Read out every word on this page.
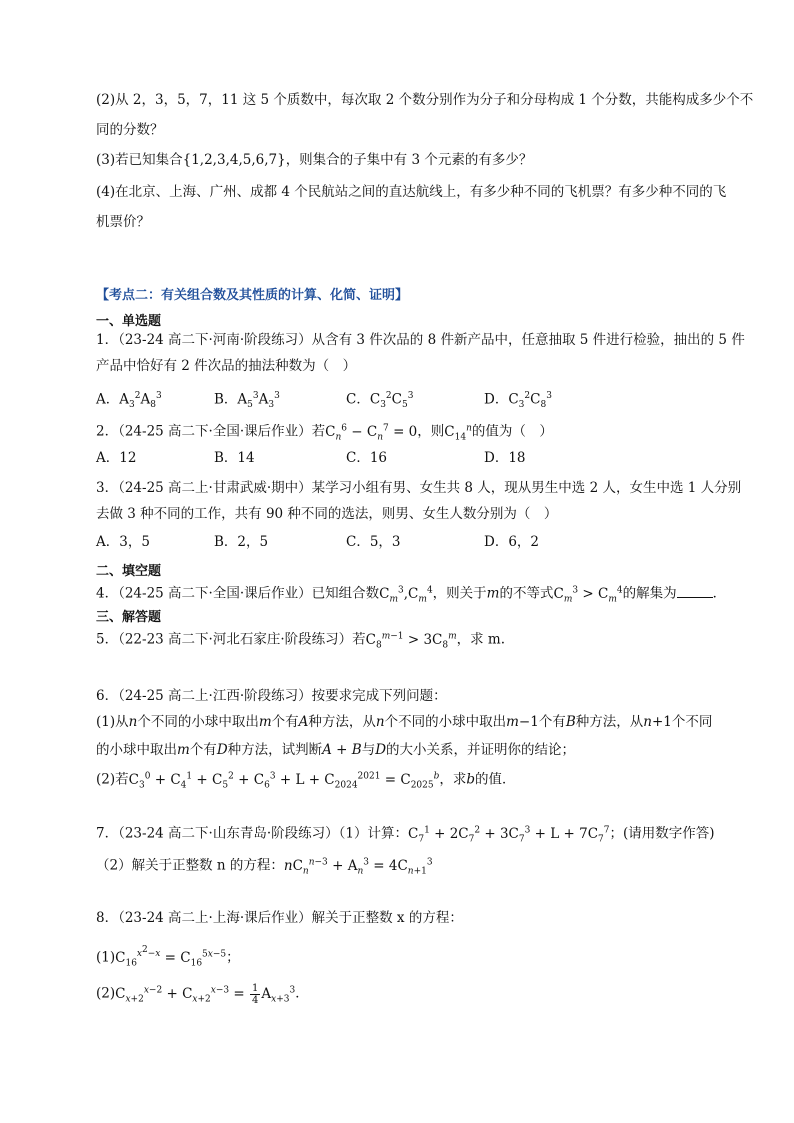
(2)从 2，3，5，7，11 这 5 个质数中，每次取 2 个数分别作为分子和分母构成 1 个分数，共能构成多少个不
同的分数？
(3)若已知集合{1,2,3,4,5,6,7}，则集合的子集中有 3 个元素的有多少？
(4)在北京、上海、广州、成都 4 个民航站之间的直达航线上，有多少种不同的飞机票？有多少种不同的飞
机票价？
【考点二：有关组合数及其性质的计算、化简、证明】
一、单选题
1．（23-24 高二下·河南·阶段练习）从含有 3 件次品的 8 件新产品中，任意抽取 5 件进行检验，抽出的 5 件
产品中恰好有 2 件次品的抽法种数为（　）
A．$A_3^2A_8^3$	B．$A_5^3A_3^3$	C．$C_3^2C_5^3$	D．$C_3^2C_8^3$
2．（24-25 高二下·全国·课后作业）若$C_n^6 - C_n^7 = 0$，则$C_{14}^n$的值为（　）
A．12	B．14	C．16	D．18
3．（24-25 高二上·甘肃武威·期中）某学习小组有男、女生共 8 人，现从男生中选 2 人，女生中选 1 人分别
去做 3 种不同的工作，共有 90 种不同的选法，则男、女生人数分别为（　）
A．3，5	B．2，5	C．5，3	D．6，2
二、填空题
4．（24-25 高二下·全国·课后作业）已知组合数$C_m^3,C_m^4$，则关于m的不等式$C_m^3 > C_m^4$的解集为	．
三、解答题
5．（22-23 高二下·河北石家庄·阶段练习）若$C_8^{m-1} > 3C_8^m$，求 m.
6．（24-25 高二上·江西·阶段练习）按要求完成下列问题：
(1)从n个不同的小球中取出m个有A种方法，从n个不同的小球中取出m−1个有B种方法，从n+1个不同
的小球中取出m个有D种方法，试判断A + B与D的大小关系，并证明你的结论；
(2)若$C_3^0 + C_4^1 + C_5^2 + C_6^3 + L + C_{2024}^{2021} = C_{2025}^b$，求b的值．
7．（23-24 高二下·山东青岛·阶段练习）（1）计算：$C_7^1 + 2C_7^2 + 3C_7^3 + L + 7C_7^7$；(请用数字作答)
（2）解关于正整数 n 的方程：$nC_n^{n-3} + A_n^3 = 4C_{n+1}^3$
8．（23-24 高二上·上海·课后作业）解关于正整数 x 的方程：
$(1)C_{16}^{x^2-x} = C_{16}^{5x-5}$；
$(2)C_{x+2}^{x-2} + C_{x+2}^{x-3} = \frac{1}{4} A_{x+3}^3$．
